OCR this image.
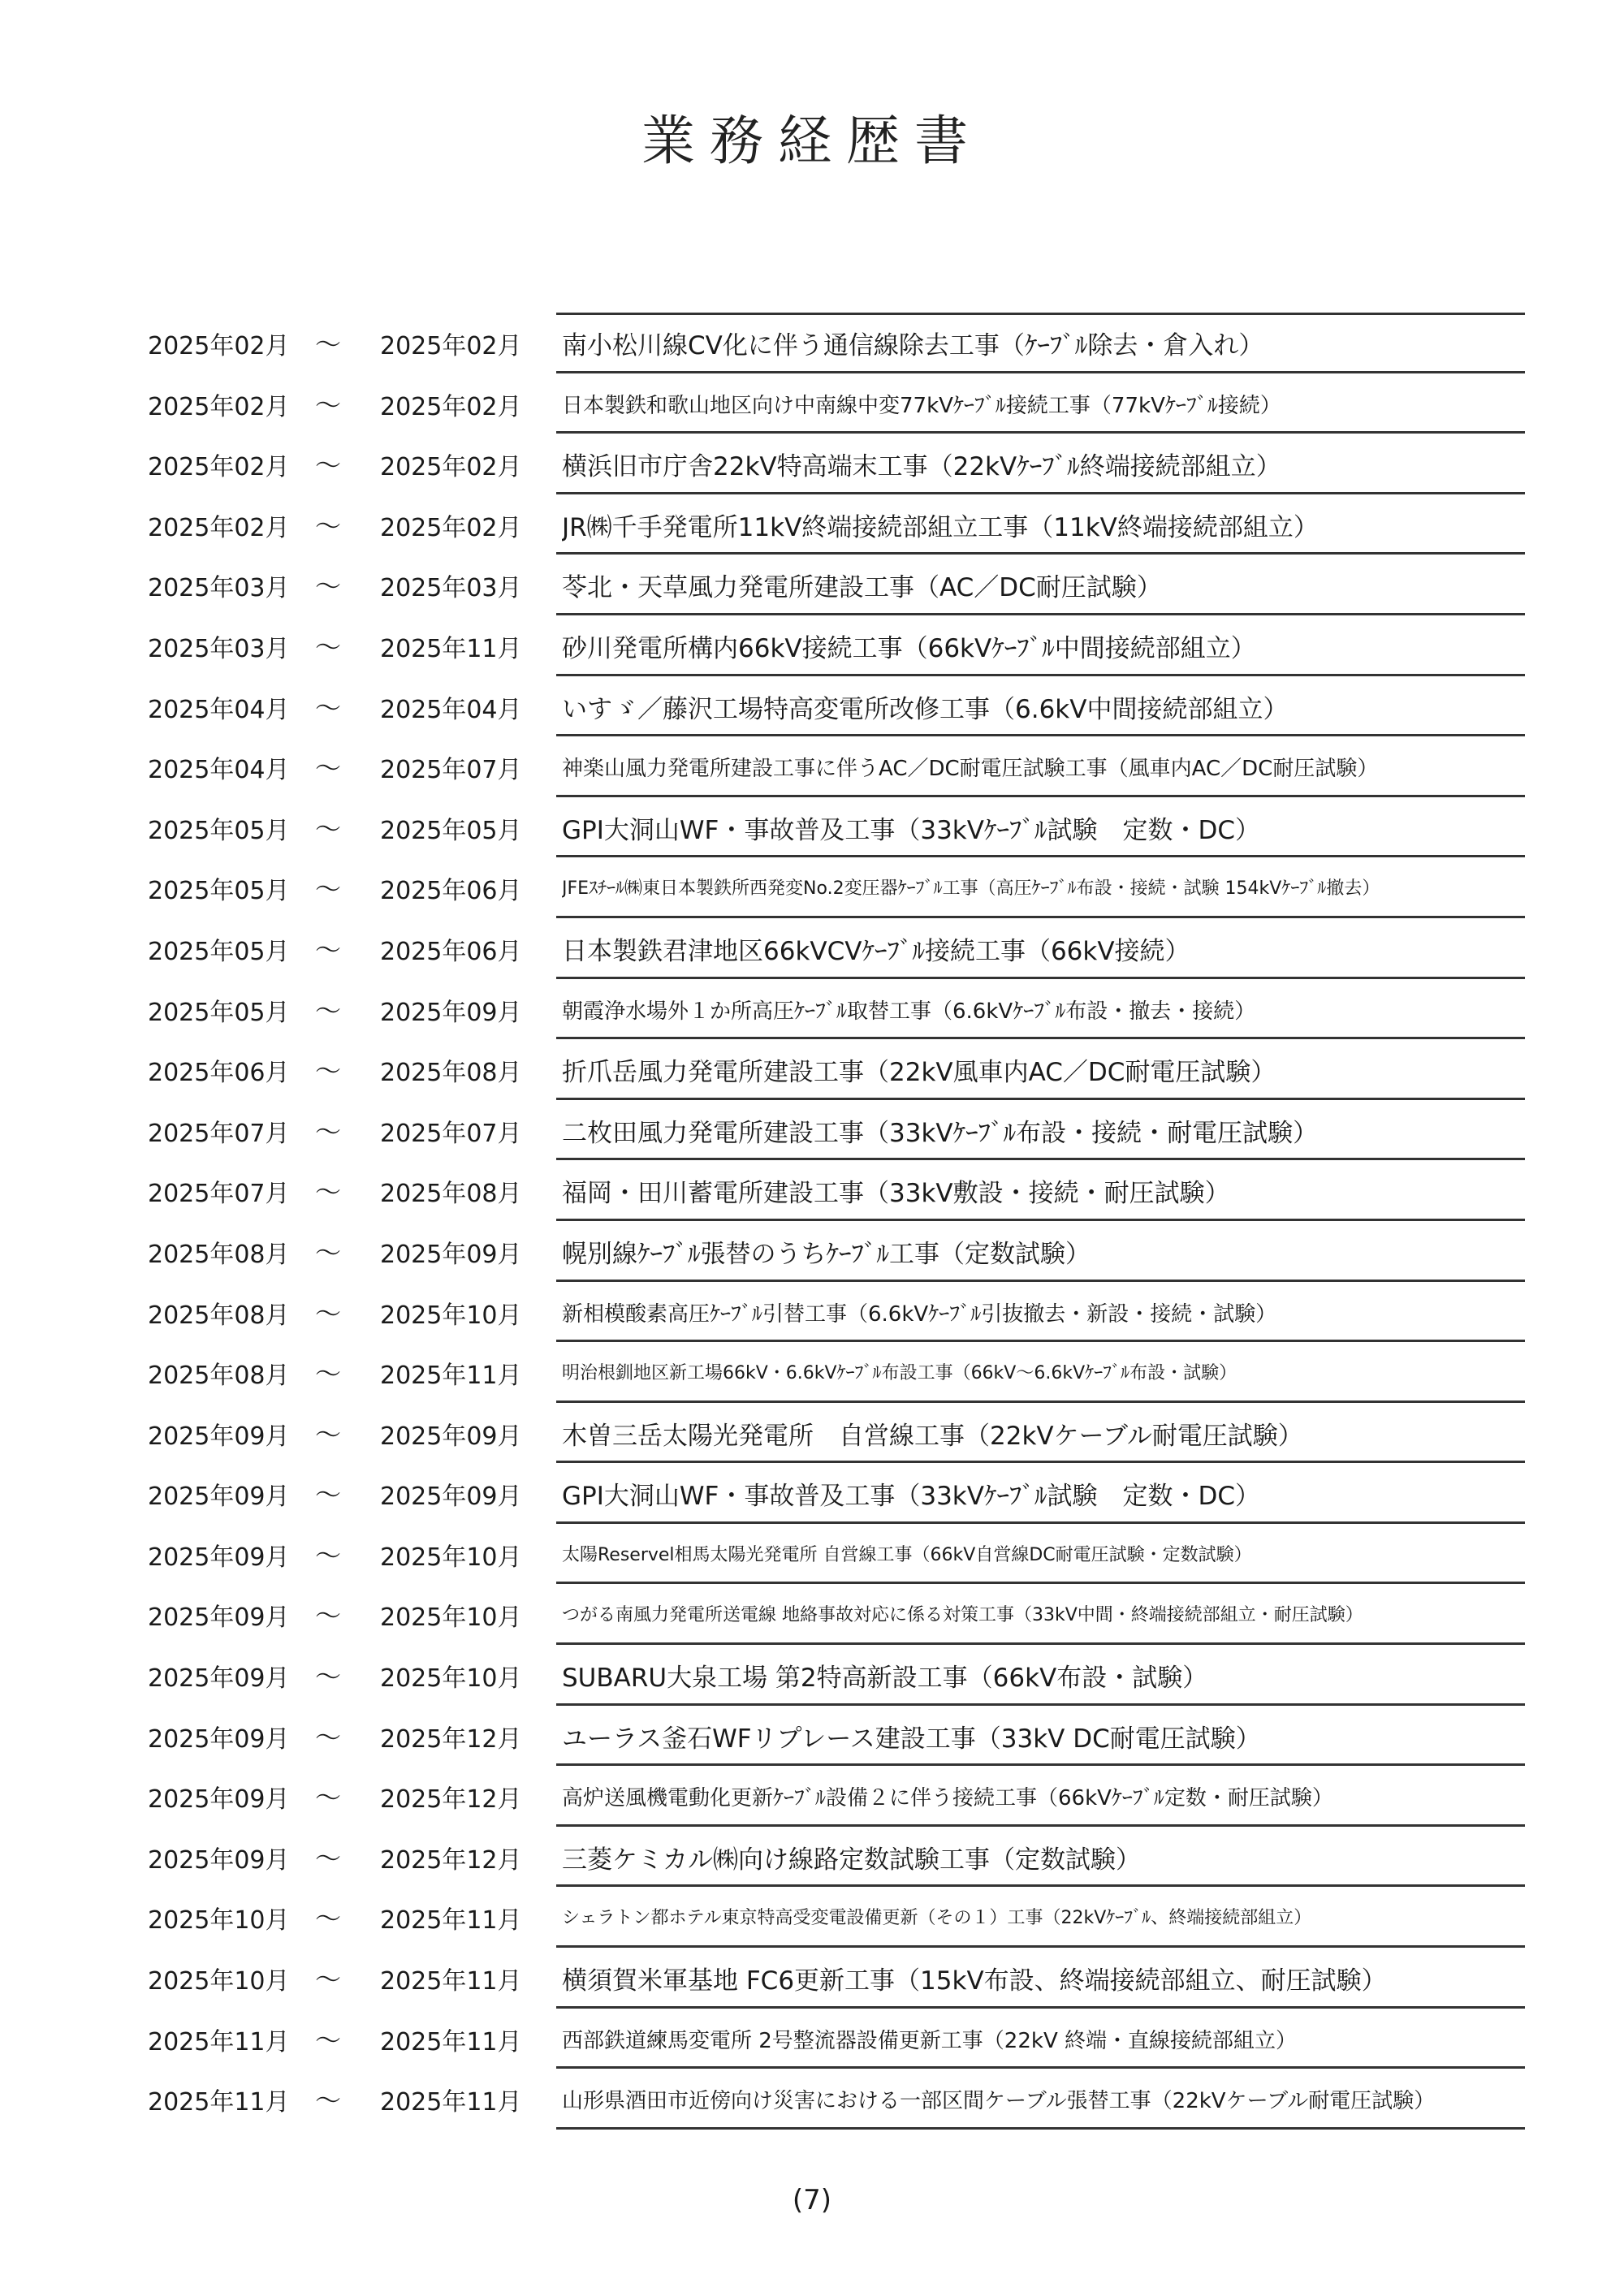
業務経歴書
2025年02月 ～ 2025年02月	南小松川線CV化に伴う通信線除去工事（ｹｰﾌﾞﾙ除去・倉入れ）
2025年02月 ～ 2025年02月	日本製鉄和歌山地区向け中南線中変77kVｹｰﾌﾞﾙ接続工事（77kVｹｰﾌﾞﾙ接続）
2025年02月 ～ 2025年02月	横浜旧市庁舎22kV特高端末工事（22kVｹｰﾌﾞﾙ終端接続部組立）
2025年02月 ～ 2025年02月	JR㈱千手発電所11kV終端接続部組立工事（11kV終端接続部組立）
2025年03月 ～ 2025年03月	苓北・天草風力発電所建設工事（AC／DC耐圧試験）
2025年03月 ～ 2025年11月	砂川発電所構内66kV接続工事（66kVｹｰﾌﾞﾙ中間接続部組立）
2025年04月 ～ 2025年04月	いすゞ／藤沢工場特高変電所改修工事（6.6kV中間接続部組立）
2025年04月 ～ 2025年07月	神楽山風力発電所建設工事に伴うAC／DC耐電圧試験工事（風車内AC／DC耐圧試験）
2025年05月 ～ 2025年05月	GPI大洞山WF・事故普及工事（33kVｹｰﾌﾞﾙ試験　定数・DC）
2025年05月 ～ 2025年06月	JFEｽﾁｰﾙ㈱東日本製鉄所西発変No.2変圧器ｹｰﾌﾞﾙ工事（高圧ｹｰﾌﾞﾙ布設・接続・試験 154kVｹｰﾌﾞﾙ撤去）
2025年05月 ～ 2025年06月	日本製鉄君津地区66kVCVｹｰﾌﾞﾙ接続工事（66kV接続）
2025年05月 ～ 2025年09月	朝霞浄水場外１か所高圧ｹｰﾌﾞﾙ取替工事（6.6kVｹｰﾌﾞﾙ布設・撤去・接続）
2025年06月 ～ 2025年08月	折爪岳風力発電所建設工事（22kV風車内AC／DC耐電圧試験）
2025年07月 ～ 2025年07月	二枚田風力発電所建設工事（33kVｹｰﾌﾞﾙ布設・接続・耐電圧試験）
2025年07月 ～ 2025年08月	福岡・田川蓄電所建設工事（33kV敷設・接続・耐圧試験）
2025年08月 ～ 2025年09月	幌別線ｹｰﾌﾞﾙ張替のうちｹｰﾌﾞﾙ工事（定数試験）
2025年08月 ～ 2025年10月	新相模酸素高圧ｹｰﾌﾞﾙ引替工事（6.6kVｹｰﾌﾞﾙ引抜撤去・新設・接続・試験）
2025年08月 ～ 2025年11月	明治根釧地区新工場66kV・6.6kVｹｰﾌﾞﾙ布設工事（66kV～6.6kVｹｰﾌﾞﾙ布設・試験）
2025年09月 ～ 2025年09月	木曽三岳太陽光発電所　自営線工事（22kVケーブル耐電圧試験）
2025年09月 ～ 2025年09月	GPI大洞山WF・事故普及工事（33kVｹｰﾌﾞﾙ試験　定数・DC）
2025年09月 ～ 2025年10月	太陽Reservel相馬太陽光発電所 自営線工事（66kV自営線DC耐電圧試験・定数試験）
2025年09月 ～ 2025年10月	つがる南風力発電所送電線 地絡事故対応に係る対策工事（33kV中間・終端接続部組立・耐圧試験）
2025年09月 ～ 2025年10月	SUBARU大泉工場 第2特高新設工事（66kV布設・試験）
2025年09月 ～ 2025年12月	ユーラス釜石WFリプレース建設工事（33kV DC耐電圧試験）
2025年09月 ～ 2025年12月	高炉送風機電動化更新ｹｰﾌﾞﾙ設備２に伴う接続工事（66kVｹｰﾌﾞﾙ定数・耐圧試験）
2025年09月 ～ 2025年12月	三菱ケミカル㈱向け線路定数試験工事（定数試験）
2025年10月 ～ 2025年11月	シェラトン都ホテル東京特高受変電設備更新（その１）工事（22kVｹｰﾌﾞﾙ、終端接続部組立）
2025年10月 ～ 2025年11月	横須賀米軍基地 FC6更新工事（15kV布設、終端接続部組立、耐圧試験）
2025年11月 ～ 2025年11月	西部鉄道練馬変電所 2号整流器設備更新工事（22kV 終端・直線接続部組立）
2025年11月 ～ 2025年11月	山形県酒田市近傍向け災害における一部区間ケーブル張替工事（22kVケーブル耐電圧試験）
(7)
